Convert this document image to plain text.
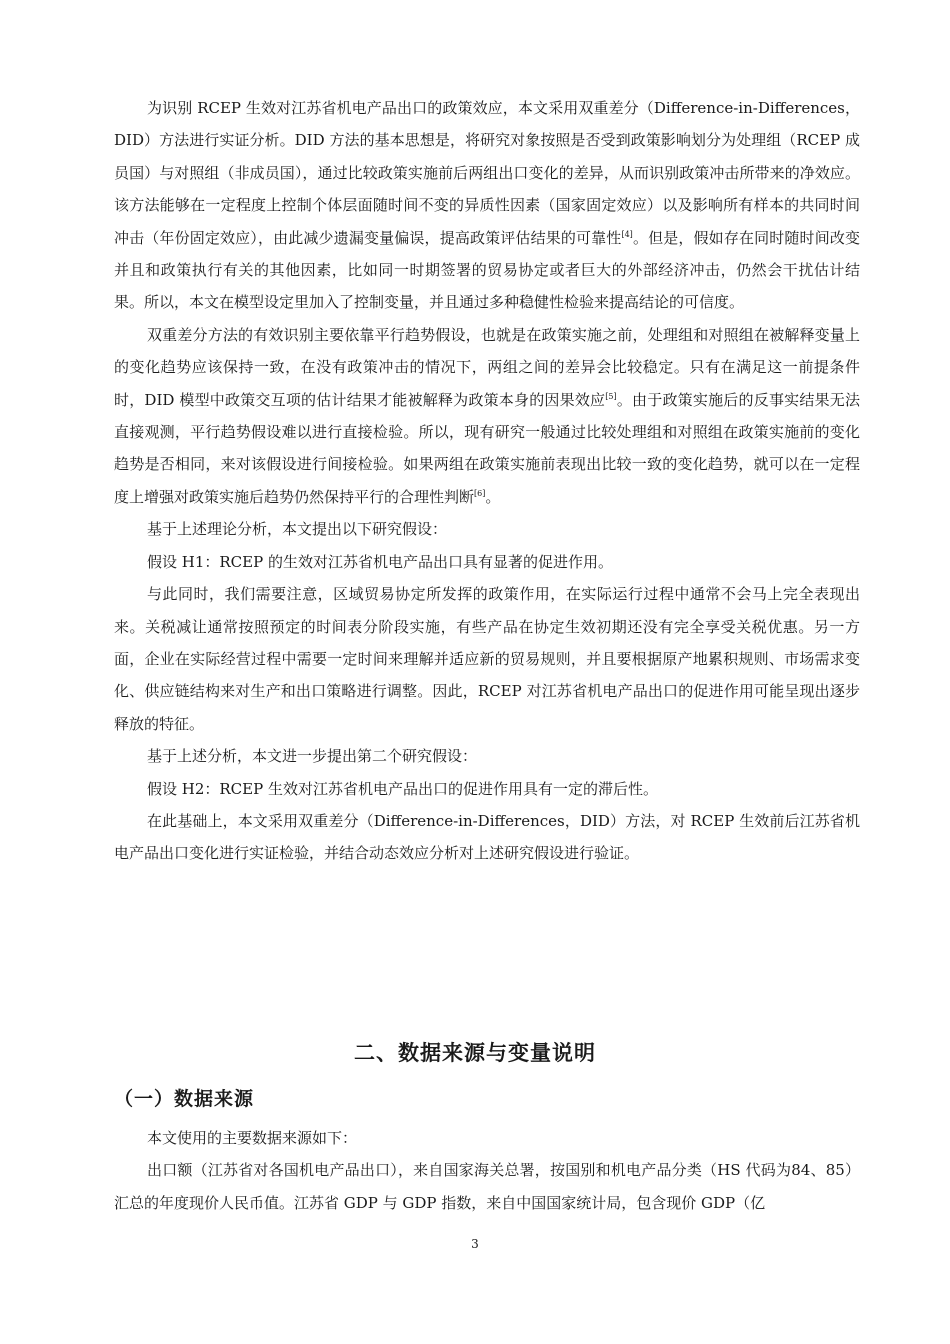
为识别 RCEP 生效对江苏省机电产品出口的政策效应，本文采用双重差分（Difference-in-Differences，DID）方法进行实证分析。DID 方法的基本思想是，将研究对象按照是否受到政策影响划分为处理组（RCEP 成员国）与对照组（非成员国），通过比较政策实施前后两组出口变化的差异，从而识别政策冲击所带来的净效应。该方法能够在一定程度上控制个体层面随时间不变的异质性因素（国家固定效应）以及影响所有样本的共同时间冲击（年份固定效应），由此减少遗漏变量偏误，提高政策评估结果的可靠性[4]。但是，假如存在同时随时间改变并且和政策执行有关的其他因素，比如同一时期签署的贸易协定或者巨大的外部经济冲击，仍然会干扰估计结果。所以，本文在模型设定里加入了控制变量，并且通过多种稳健性检验来提高结论的可信度。

双重差分方法的有效识别主要依靠平行趋势假设，也就是在政策实施之前，处理组和对照组在被解释变量上的变化趋势应该保持一致，在没有政策冲击的情况下，两组之间的差异会比较稳定。只有在满足这一前提条件时，DID 模型中政策交互项的估计结果才能被解释为政策本身的因果效应[5]。由于政策实施后的反事实结果无法直接观测，平行趋势假设难以进行直接检验。所以，现有研究一般通过比较处理组和对照组在政策实施前的变化趋势是否相同，来对该假设进行间接检验。如果两组在政策实施前表现出比较一致的变化趋势，就可以在一定程度上增强对政策实施后趋势仍然保持平行的合理性判断[6]。

基于上述理论分析，本文提出以下研究假设：

假设 H1：RCEP 的生效对江苏省机电产品出口具有显著的促进作用。

与此同时，我们需要注意，区域贸易协定所发挥的政策作用，在实际运行过程中通常不会马上完全表现出来。关税减让通常按照预定的时间表分阶段实施，有些产品在协定生效初期还没有完全享受关税优惠。另一方面，企业在实际经营过程中需要一定时间来理解并适应新的贸易规则，并且要根据原产地累积规则、市场需求变化、供应链结构来对生产和出口策略进行调整。因此，RCEP 对江苏省机电产品出口的促进作用可能呈现出逐步释放的特征。

基于上述分析，本文进一步提出第二个研究假设：

假设 H2：RCEP 生效对江苏省机电产品出口的促进作用具有一定的滞后性。

在此基础上，本文采用双重差分（Difference-in-Differences，DID）方法，对 RCEP 生效前后江苏省机电产品出口变化进行实证检验，并结合动态效应分析对上述研究假设进行验证。

二、数据来源与变量说明
（一）数据来源

本文使用的主要数据来源如下：

出口额（江苏省对各国机电产品出口），来自国家海关总署，按国别和机电产品分类（HS 代码为84、85）汇总的年度现价人民币值。江苏省 GDP 与 GDP 指数，来自中国国家统计局，包含现价 GDP（亿

3
